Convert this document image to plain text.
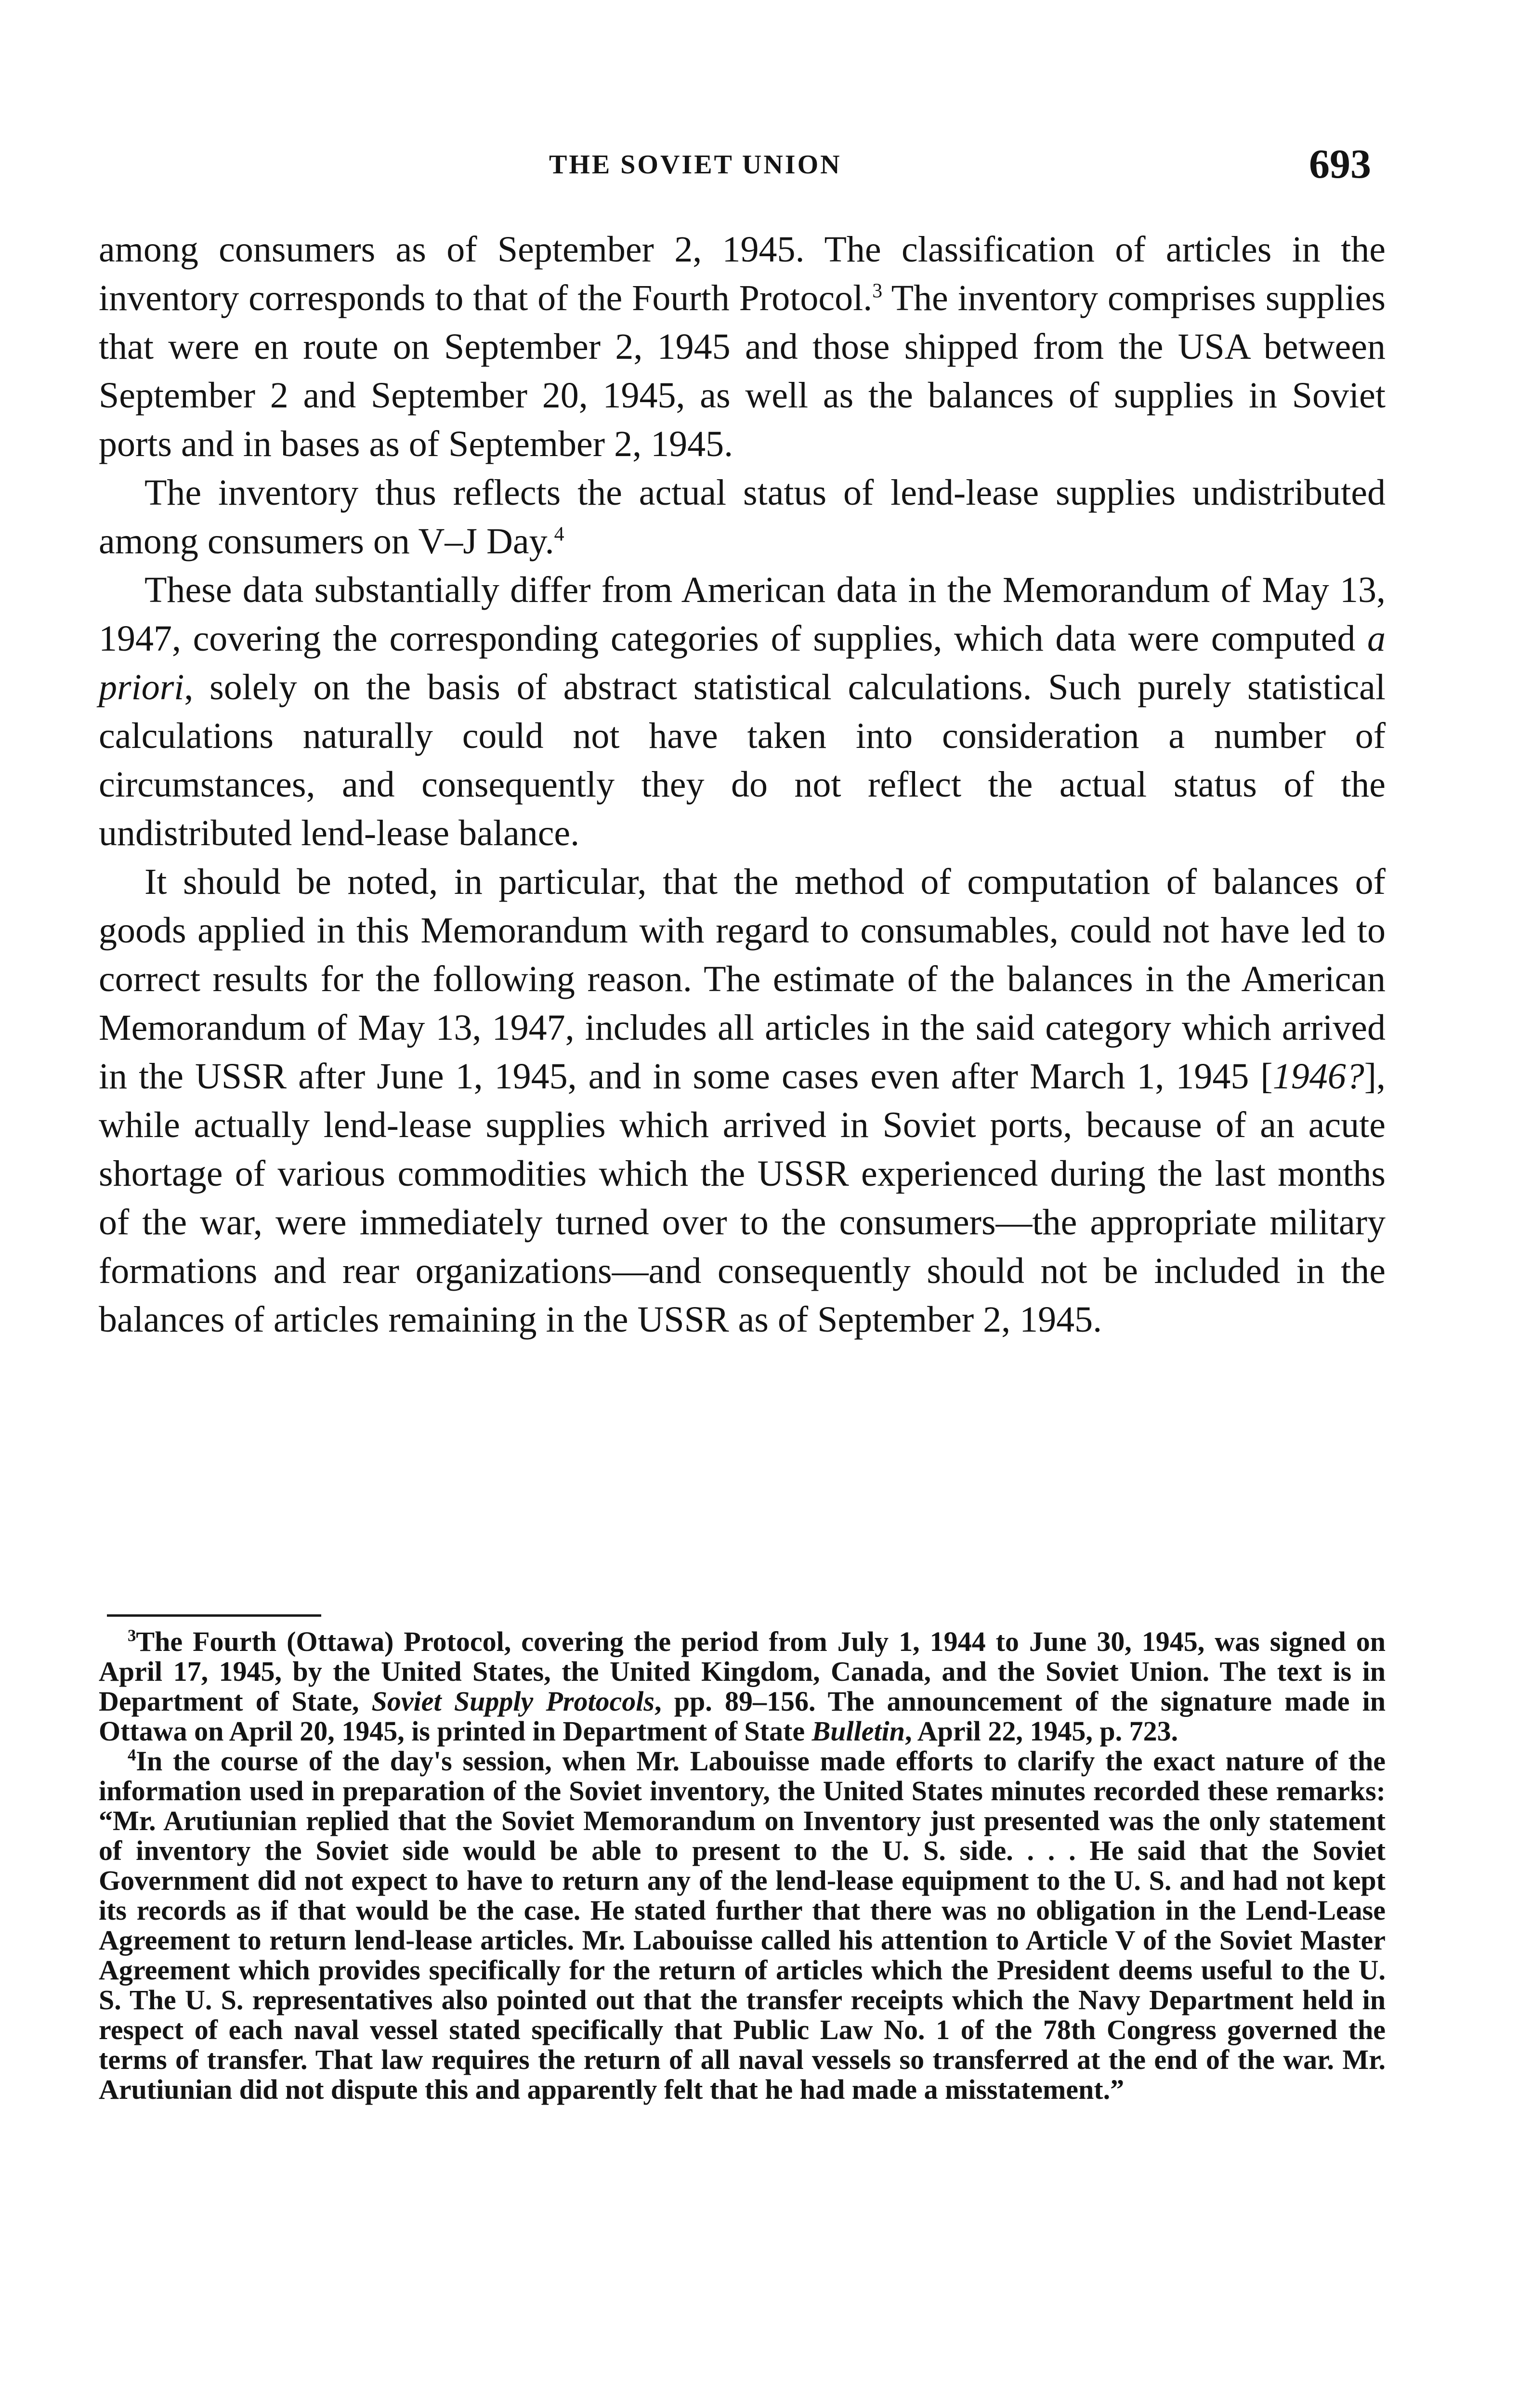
THE SOVIET UNION	693

among consumers as of September 2, 1945. The classification of articles in the inventory corresponds to that of the Fourth Protocol.$^3$ The inventory comprises supplies that were en route on September 2, 1945 and those shipped from the USA between September 2 and September 20, 1945, as well as the balances of supplies in Soviet ports and in bases as of September 2, 1945.

The inventory thus reflects the actual status of lend-lease supplies undistributed among consumers on V–J Day.$^4$

These data substantially differ from American data in the Memorandum of May 13, 1947, covering the corresponding categories of supplies, which data were computed a priori, solely on the basis of abstract statistical calculations. Such purely statistical calculations naturally could not have taken into consideration a number of circumstances, and consequently they do not reflect the actual status of the undistributed lend-lease balance.

It should be noted, in particular, that the method of computation of balances of goods applied in this Memorandum with regard to consumables, could not have led to correct results for the following reason. The estimate of the balances in the American Memorandum of May 13, 1947, includes all articles in the said category which arrived in the USSR after June 1, 1945, and in some cases even after March 1, 1945 [1946?], while actually lend-lease supplies which arrived in Soviet ports, because of an acute shortage of various commodities which the USSR experienced during the last months of the war, were immediately turned over to the consumers—the appropriate military formations and rear organizations—and consequently should not be included in the balances of articles remaining in the USSR as of September 2, 1945.

$^3$The Fourth (Ottawa) Protocol, covering the period from July 1, 1944 to June 30, 1945, was signed on April 17, 1945, by the United States, the United Kingdom, Canada, and the Soviet Union. The text is in Department of State, Soviet Supply Protocols, pp. 89–156. The announcement of the signature made in Ottawa on April 20, 1945, is printed in Department of State Bulletin, April 22, 1945, p. 723.

$^4$In the course of the day's session, when Mr. Labouisse made efforts to clarify the exact nature of the information used in preparation of the Soviet inventory, the United States minutes recorded these remarks: “Mr. Arutiunian replied that the Soviet Memorandum on Inventory just presented was the only statement of inventory the Soviet side would be able to present to the U. S. side. . . . He said that the Soviet Government did not expect to have to return any of the lend-lease equipment to the U. S. and had not kept its records as if that would be the case. He stated further that there was no obligation in the Lend-Lease Agreement to return lend-lease articles. Mr. Labouisse called his attention to Article V of the Soviet Master Agreement which provides specifically for the return of articles which the President deems useful to the U. S. The U. S. representatives also pointed out that the transfer receipts which the Navy Department held in respect of each naval vessel stated specifically that Public Law No. 1 of the 78th Congress governed the terms of transfer. That law requires the return of all naval vessels so transferred at the end of the war. Mr. Arutiunian did not dispute this and apparently felt that he had made a misstatement.”
